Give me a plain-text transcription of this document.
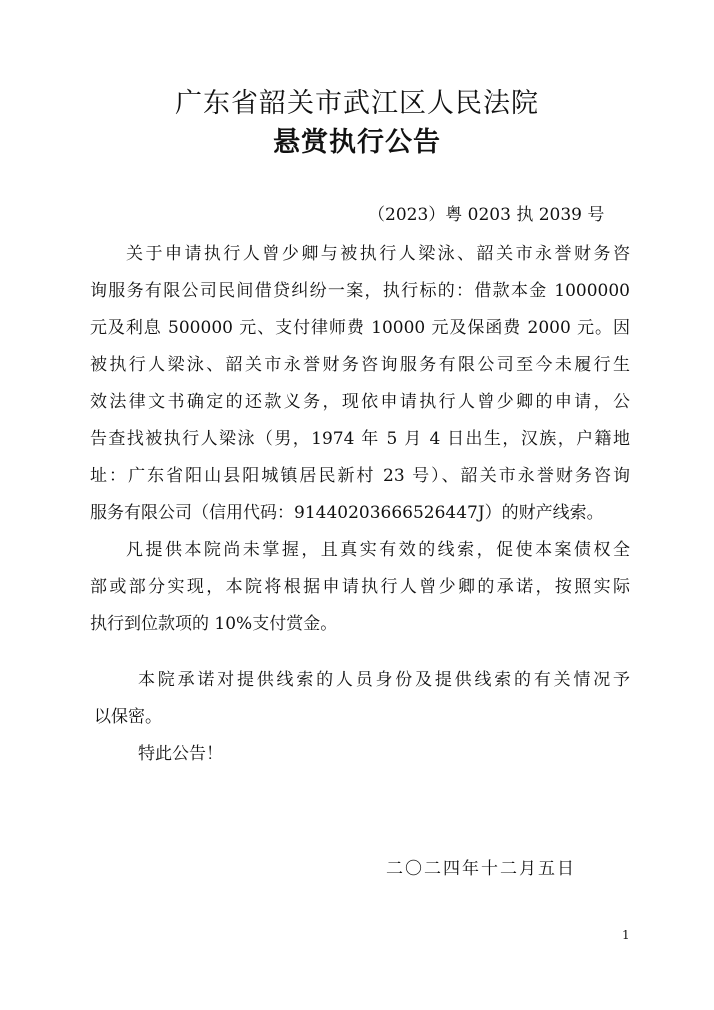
广东省韶关市武江区人民法院
悬赏执行公告
（2023）粤 0203 执 2039 号
关于申请执行人曾少卿与被执行人梁泳、韶关市永誉财务咨
询服务有限公司民间借贷纠纷一案，执行标的：借款本金 1000000
元及利息 500000 元、支付律师费 10000 元及保函费 2000 元。因
被执行人梁泳、韶关市永誉财务咨询服务有限公司至今未履行生
效法律文书确定的还款义务，现依申请执行人曾少卿的申请，公
告查找被执行人梁泳（男，1974 年 5 月 4 日出生，汉族，户籍地
址：广东省阳山县阳城镇居民新村 23 号）、韶关市永誉财务咨询
服务有限公司（信用代码：91440203666526447J）的财产线索。
凡提供本院尚未掌握，且真实有效的线索，促使本案债权全
部或部分实现，本院将根据申请执行人曾少卿的承诺，按照实际
执行到位款项的 10%支付赏金。
本院承诺对提供线索的人员身份及提供线索的有关情况予
以保密。
特此公告！
二〇二四年十二月五日
1
